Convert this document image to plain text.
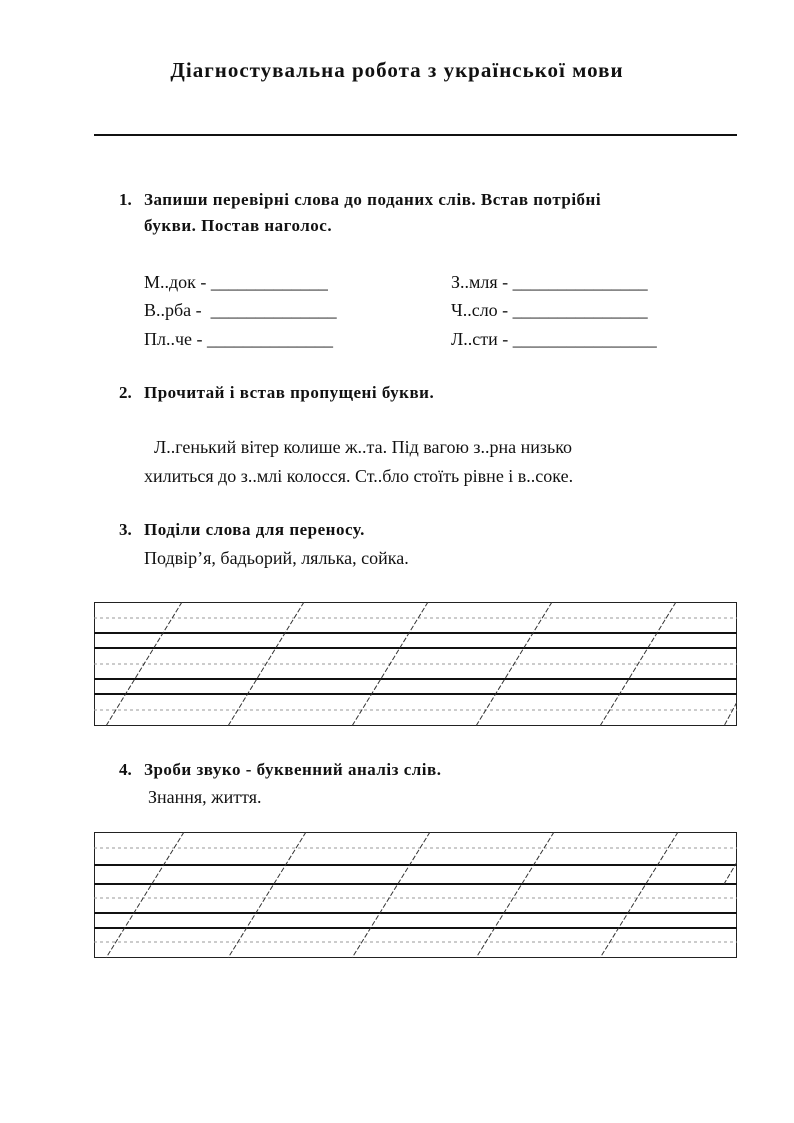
Діагностувальна робота з української мови
1. Запиши перевірні слова до поданих слів. Встав потрібні
букви. Постав наголос.
М..док - _____________
В..рба -  ______________
Пл..че - ______________
З..мля - _______________
Ч..сло - _______________
Л..сти - ________________
2. Прочитай і встав пропущені букви.
Л..генький вітер колише ж..та. Під вагою з..рна низько
хилиться до з..млі колосся. Ст..бло стоїть рівне і в..соке.
3. Поділи слова для переносу.
Подвір’я, бадьорий, лялька, сойка.
4. Зроби звуко - буквенний аналіз слів.
Знання, життя.
